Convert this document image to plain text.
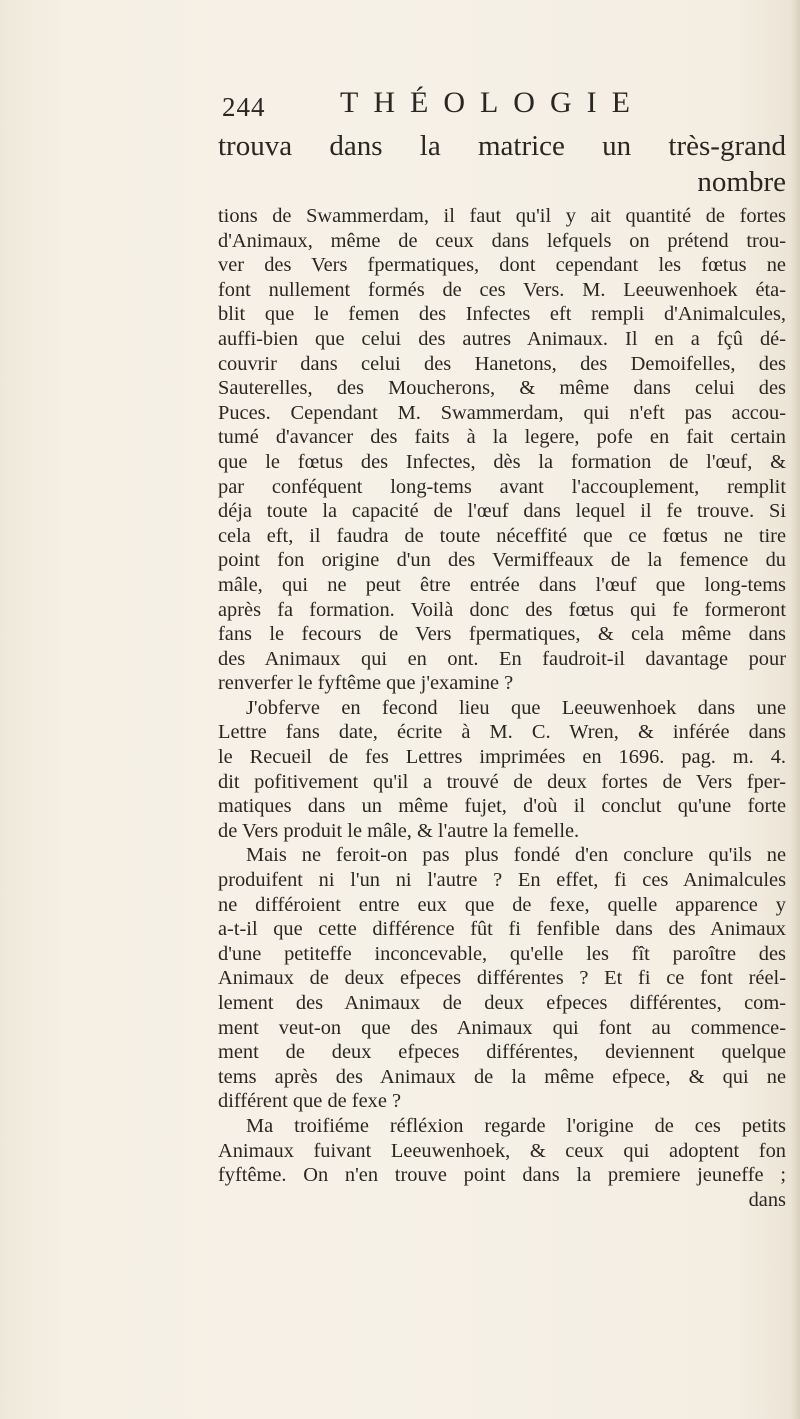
244 THÉOLOGIE
trouva dans la matrice un très-grand
nombre
tions de Swammerdam, il faut qu'il y ait quantité de fortes
d'Animaux, même de ceux dans lefquels on prétend trou-
ver des Vers fpermatiques, dont cependant les fœtus ne
font nullement formés de ces Vers. M. Leeuwenhoek éta-
blit que le femen des Infectes eft rempli d'Animalcules,
auffi-bien que celui des autres Animaux. Il en a fçû dé-
couvrir dans celui des Hanetons, des Demoifelles, des
Sauterelles, des Moucherons, & même dans celui des
Puces. Cependant M. Swammerdam, qui n'eft pas accou-
tumé d'avancer des faits à la legere, pofe en fait certain
que le fœtus des Infectes, dès la formation de l'œuf, &
par conféquent long-tems avant l'accouplement, remplit
déja toute la capacité de l'œuf dans lequel il fe trouve. Si
cela eft, il faudra de toute néceffité que ce fœtus ne tire
point fon origine d'un des Vermiffeaux de la femence du
mâle, qui ne peut être entrée dans l'œuf que long-tems
après fa formation. Voilà donc des fœtus qui fe formeront
fans le fecours de Vers fpermatiques, & cela même dans
des Animaux qui en ont. En faudroit-il davantage pour
renverfer le fyftême que j'examine ?
J'obferve en fecond lieu que Leeuwenhoek dans une
Lettre fans date, écrite à M. C. Wren, & inférée dans
le Recueil de fes Lettres imprimées en 1696. pag. m. 4.
dit pofitivement qu'il a trouvé de deux fortes de Vers fper-
matiques dans un même fujet, d'où il conclut qu'une forte
de Vers produit le mâle, & l'autre la femelle.
Mais ne feroit-on pas plus fondé d'en conclure qu'ils ne
produifent ni l'un ni l'autre ? En effet, fi ces Animalcules
ne différoient entre eux que de fexe, quelle apparence y
a-t-il que cette différence fût fi fenfible dans des Animaux
d'une petiteffe inconcevable, qu'elle les fît paroître des
Animaux de deux efpeces différentes ? Et fi ce font réel-
lement des Animaux de deux efpeces différentes, com-
ment veut-on que des Animaux qui font au commence-
ment de deux efpeces différentes, deviennent quelque
tems après des Animaux de la même efpece, & qui ne
différent que de fexe ?
Ma troifiéme réfléxion regarde l'origine de ces petits
Animaux fuivant Leeuwenhoek, & ceux qui adoptent fon
fyftême. On n'en trouve point dans la premiere jeuneffe ;
dans
